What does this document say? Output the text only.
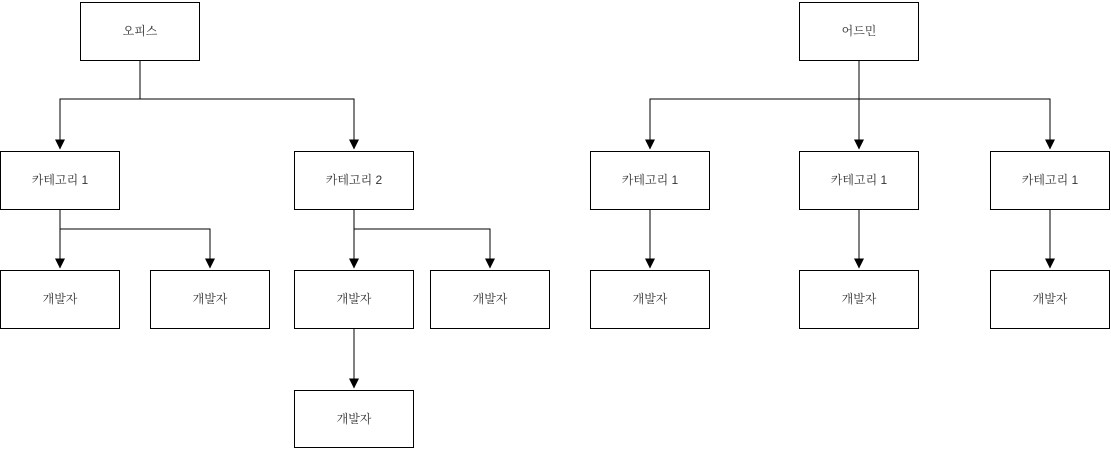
오피스
카테고리 1	카테고리 2
개발자	개발자	개발자	개발자
개발자
어드민
카테고리 1	카테고리 1	카테고리 1
개발자	개발자	개발자
